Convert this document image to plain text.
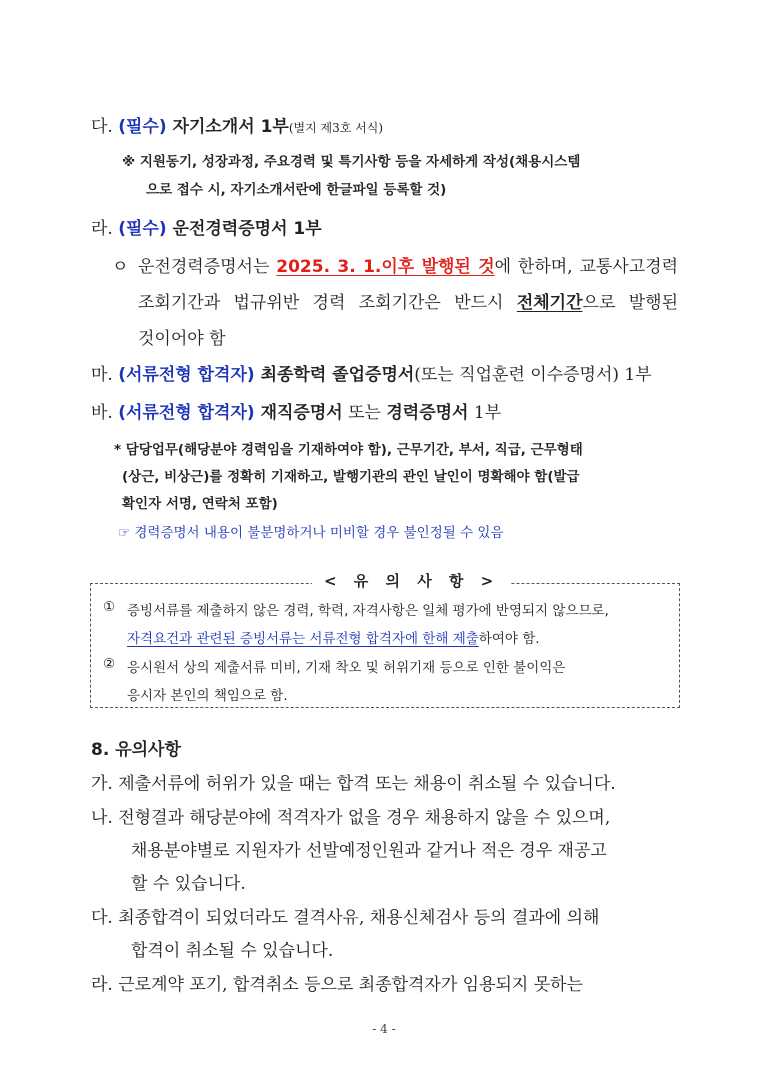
다. (필수) 자기소개서 1부(별지 제3호 서식)
※ 지원동기, 성장과정, 주요경력 및 특기사항 등을 자세하게 작성(채용시스템
으로 접수 시, 자기소개서란에 한글파일 등록할 것)
라. (필수) 운전경력증명서 1부
ㅇ 운전경력증명서는 2025. 3. 1.이후 발행된 것에 한하며, 교통사고경력
조회기간과 법규위반 경력 조회기간은 반드시 전체기간으로 발행된
것이어야 함
마. (서류전형 합격자) 최종학력 졸업증명서(또는 직업훈련 이수증명서) 1부
바. (서류전형 합격자) 재직증명서 또는 경력증명서 1부
* 담당업무(해당분야 경력임을 기재하여야 함), 근무기간, 부서, 직급, 근무형태
(상근, 비상근)를 정확히 기재하고, 발행기관의 관인 날인이 명확해야 함(발급
확인자 서명, 연락처 포함)
☞ 경력증명서 내용이 불분명하거나 미비할 경우 불인정될 수 있음
< 유 의 사 항 >
① 증빙서류를 제출하지 않은 경력, 학력, 자격사항은 일체 평가에 반영되지 않으므로,
자격요건과 관련된 증빙서류는 서류전형 합격자에 한해 제출하여야 함.
② 응시원서 상의 제출서류 미비, 기재 착오 및 허위기재 등으로 인한 불이익은
응시자 본인의 책임으로 함.
8. 유의사항
가. 제출서류에 허위가 있을 때는 합격 또는 채용이 취소될 수 있습니다.
나. 전형결과 해당분야에 적격자가 없을 경우 채용하지 않을 수 있으며,
채용분야별로 지원자가 선발예정인원과 같거나 적은 경우 재공고
할 수 있습니다.
다. 최종합격이 되었더라도 결격사유, 채용신체검사 등의 결과에 의해
합격이 취소될 수 있습니다.
라. 근로계약 포기, 합격취소 등으로 최종합격자가 임용되지 못하는
- 4 -
